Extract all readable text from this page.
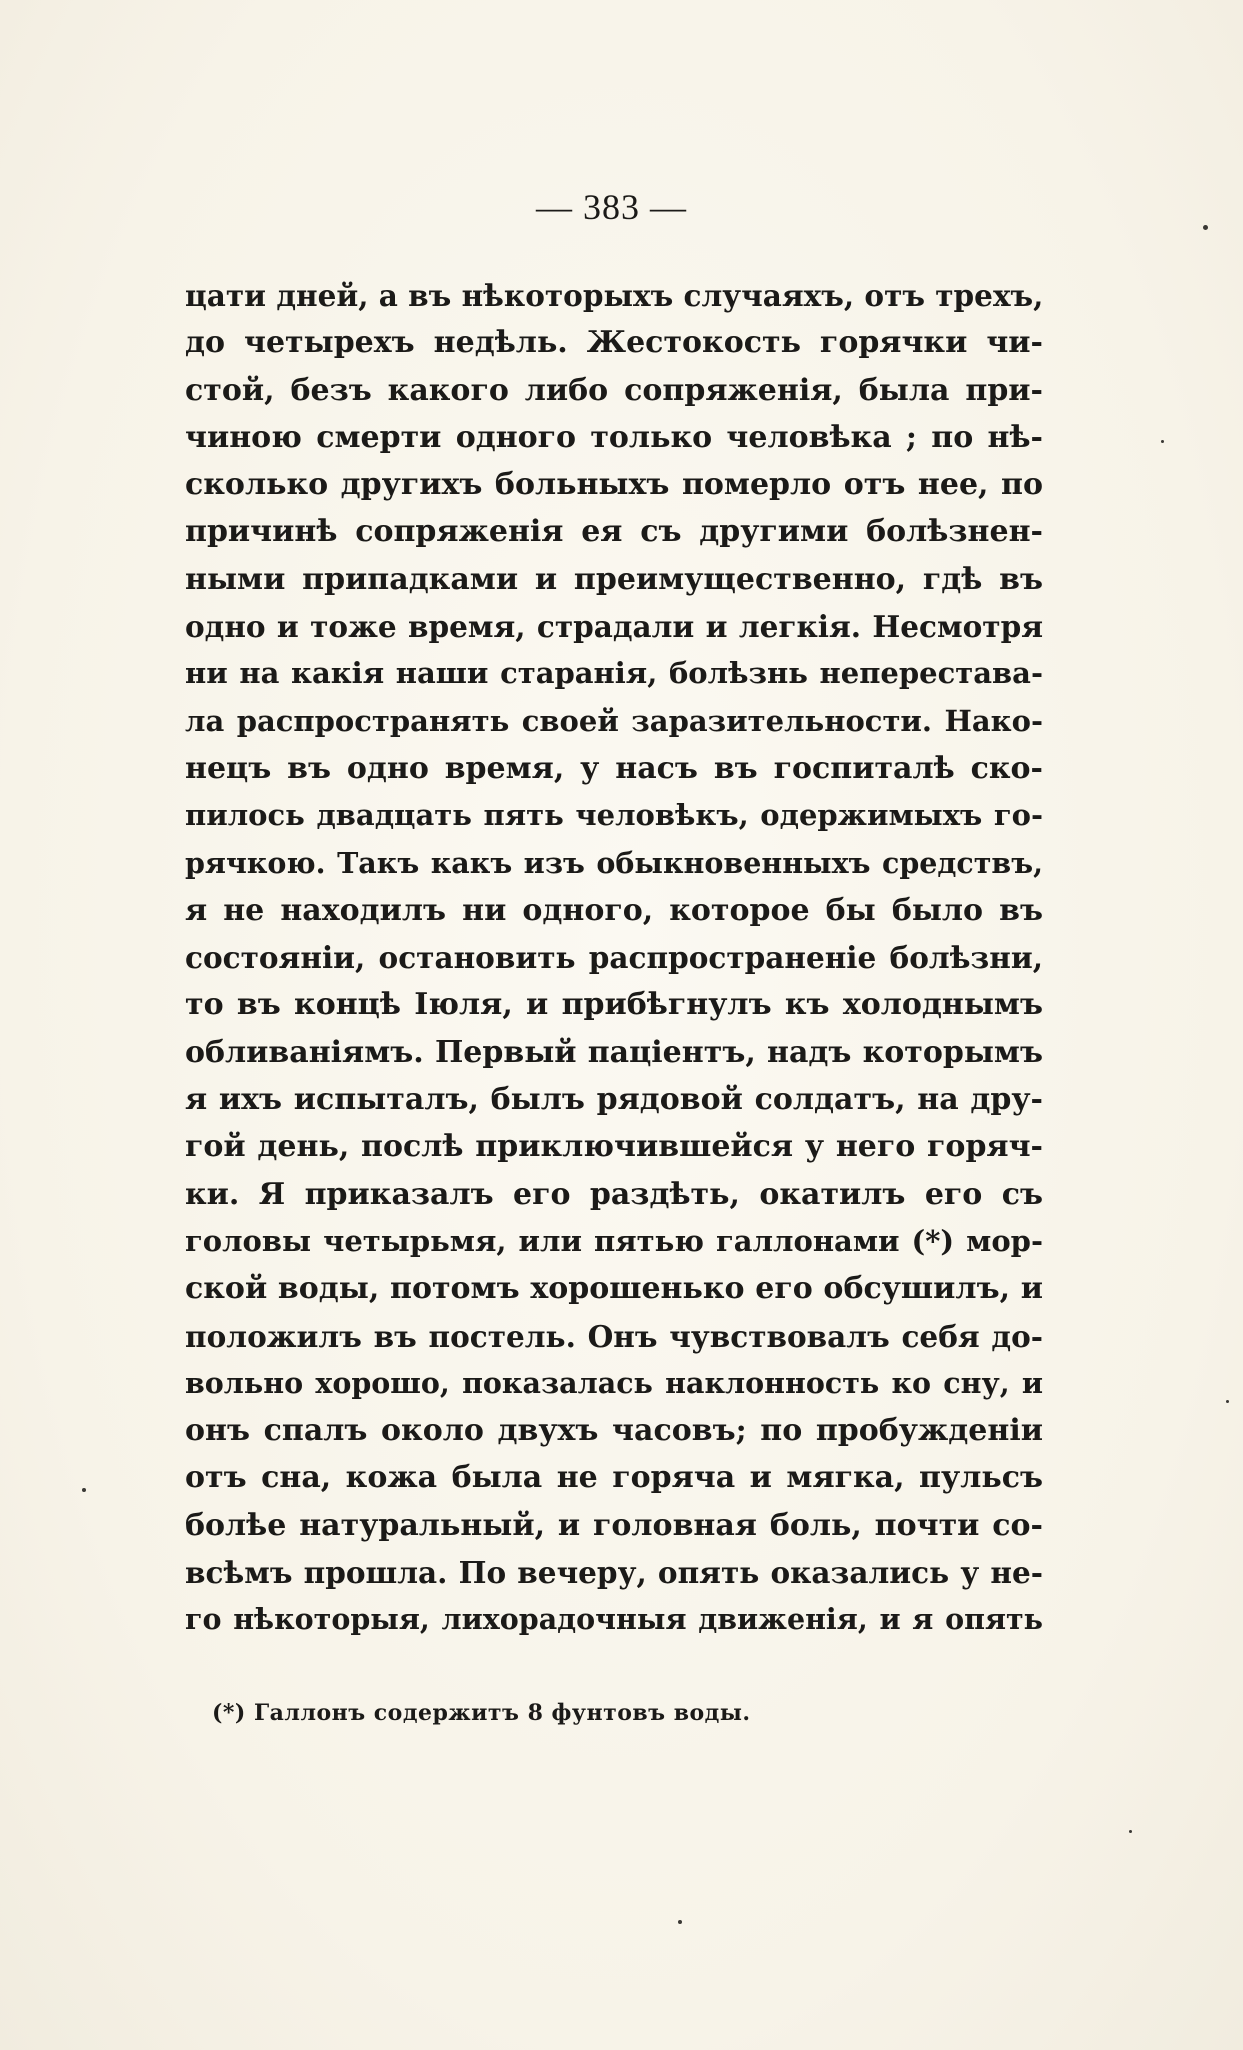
— 383 —
цати дней, а въ нѣкоторыхъ случаяхъ, отъ трехъ,
до четырехъ недѣль. Жестокость горячки чи-
стой, безъ какого либо сопряженія, была при-
чиною смерти одного только человѣка ; по нѣ-
сколько другихъ больныхъ померло отъ нее, по
причинѣ сопряженія ея съ другими болѣзнен-
ными припадками и преимущественно, гдѣ въ
одно и тоже время, страдали и легкія. Несмотря
ни на какія наши старанія, болѣзнь неперестава-
ла распространять своей заразительности. Нако-
нецъ въ одно время, у насъ въ госпиталѣ ско-
пилось двадцать пять человѣкъ, одержимыхъ го-
рячкою. Такъ какъ изъ обыкновенныхъ средствъ,
я не находилъ ни одного, которое бы было въ
состояніи, остановить распространеніе болѣзни,
то въ концѣ Іюля, и прибѣгнулъ къ холоднымъ
обливаніямъ. Первый паціентъ, надъ которымъ
я ихъ испыталъ, былъ рядовой солдатъ, на дру-
гой день, послѣ приключившейся у него горяч-
ки. Я приказалъ его раздѣть, окатилъ его съ
головы четырьмя, или пятью галлонами (*) мор-
ской воды, потомъ хорошенько его обсушилъ, и
положилъ въ постель. Онъ чувствовалъ себя до-
вольно хорошо, показалась наклонность ко сну, и
онъ спалъ около двухъ часовъ; по пробужденіи
отъ сна, кожа была не горяча и мягка, пульсъ
болѣе натуральный, и головная боль, почти со-
всѣмъ прошла. По вечеру, опять оказались у не-
го нѣкоторыя, лихорадочныя движенія, и я опять
(*) Галлонъ содержитъ 8 фунтовъ воды.
